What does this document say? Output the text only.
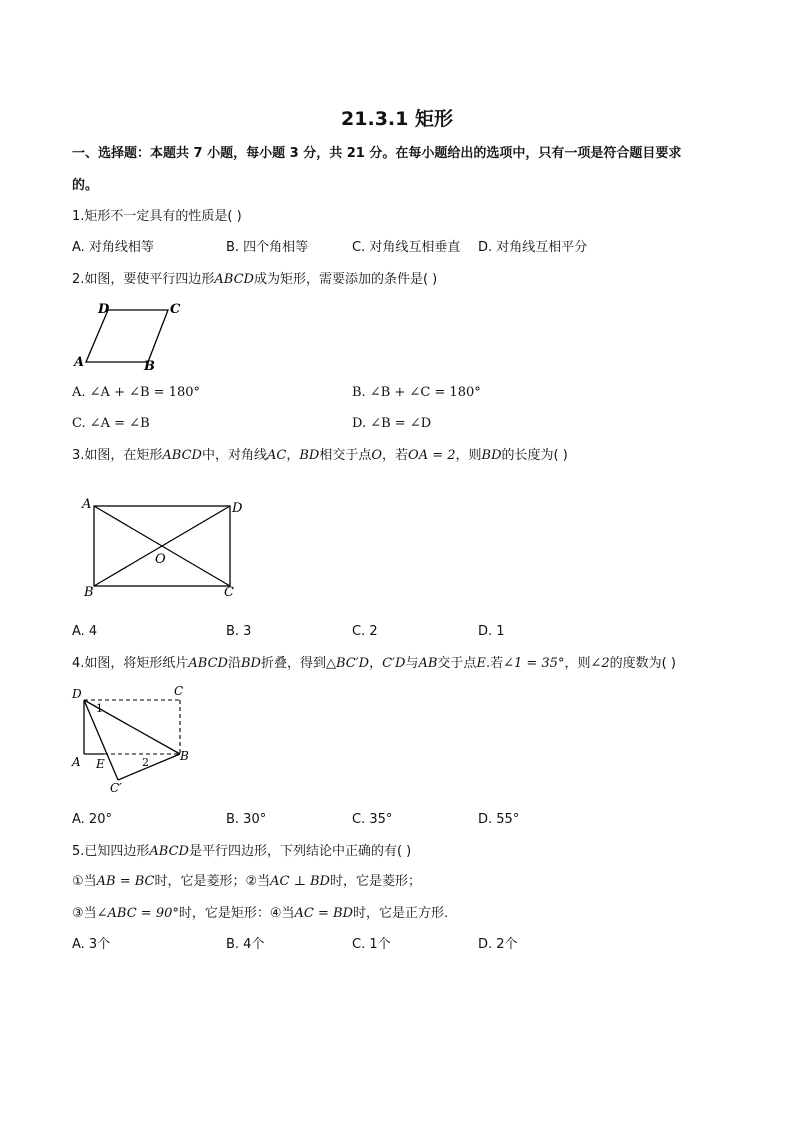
21.3.1 矩形
一、选择题：本题共 7 小题，每小题 3 分，共 21 分。在每小题给出的选项中，只有一项是符合题目要求
的。
1.矩形不一定具有的性质是( )
A. 对角线相等	B. 四个角相等	C. 对角线互相垂直 D. 对角线互相平分
2.如图，要使平行四边形ABCD成为矩形，需要添加的条件是( )
D	C
A	B
A. ∠A + ∠B = 180°	B. ∠B + ∠C = 180°
C. ∠A = ∠B	D. ∠B = ∠D
3.如图，在矩形ABCD中，对角线AC，BD相交于点O，若OA = 2，则BD的长度为( )
A	D
B	C
O
A. 4	B. 3	C. 2	D. 1
4.如图，将矩形纸片ABCD沿BD折叠，得到△BC′D，C′D与AB交于点E.若∠1 = 35°，则∠2的度数为( )
D	C
A E
B
C′
1
2
A. 20°	B. 30°	C. 35°	D. 55°
5.已知四边形ABCD是平行四边形，下列结论中正确的有( )
①当AB = BC时，它是菱形；②当AC ⊥ BD时，它是菱形；
③当∠ABC = 90°时，它是矩形：④当AC = BD时，它是正方形.
A. 3个	B. 4个	C. 1个	D. 2个
